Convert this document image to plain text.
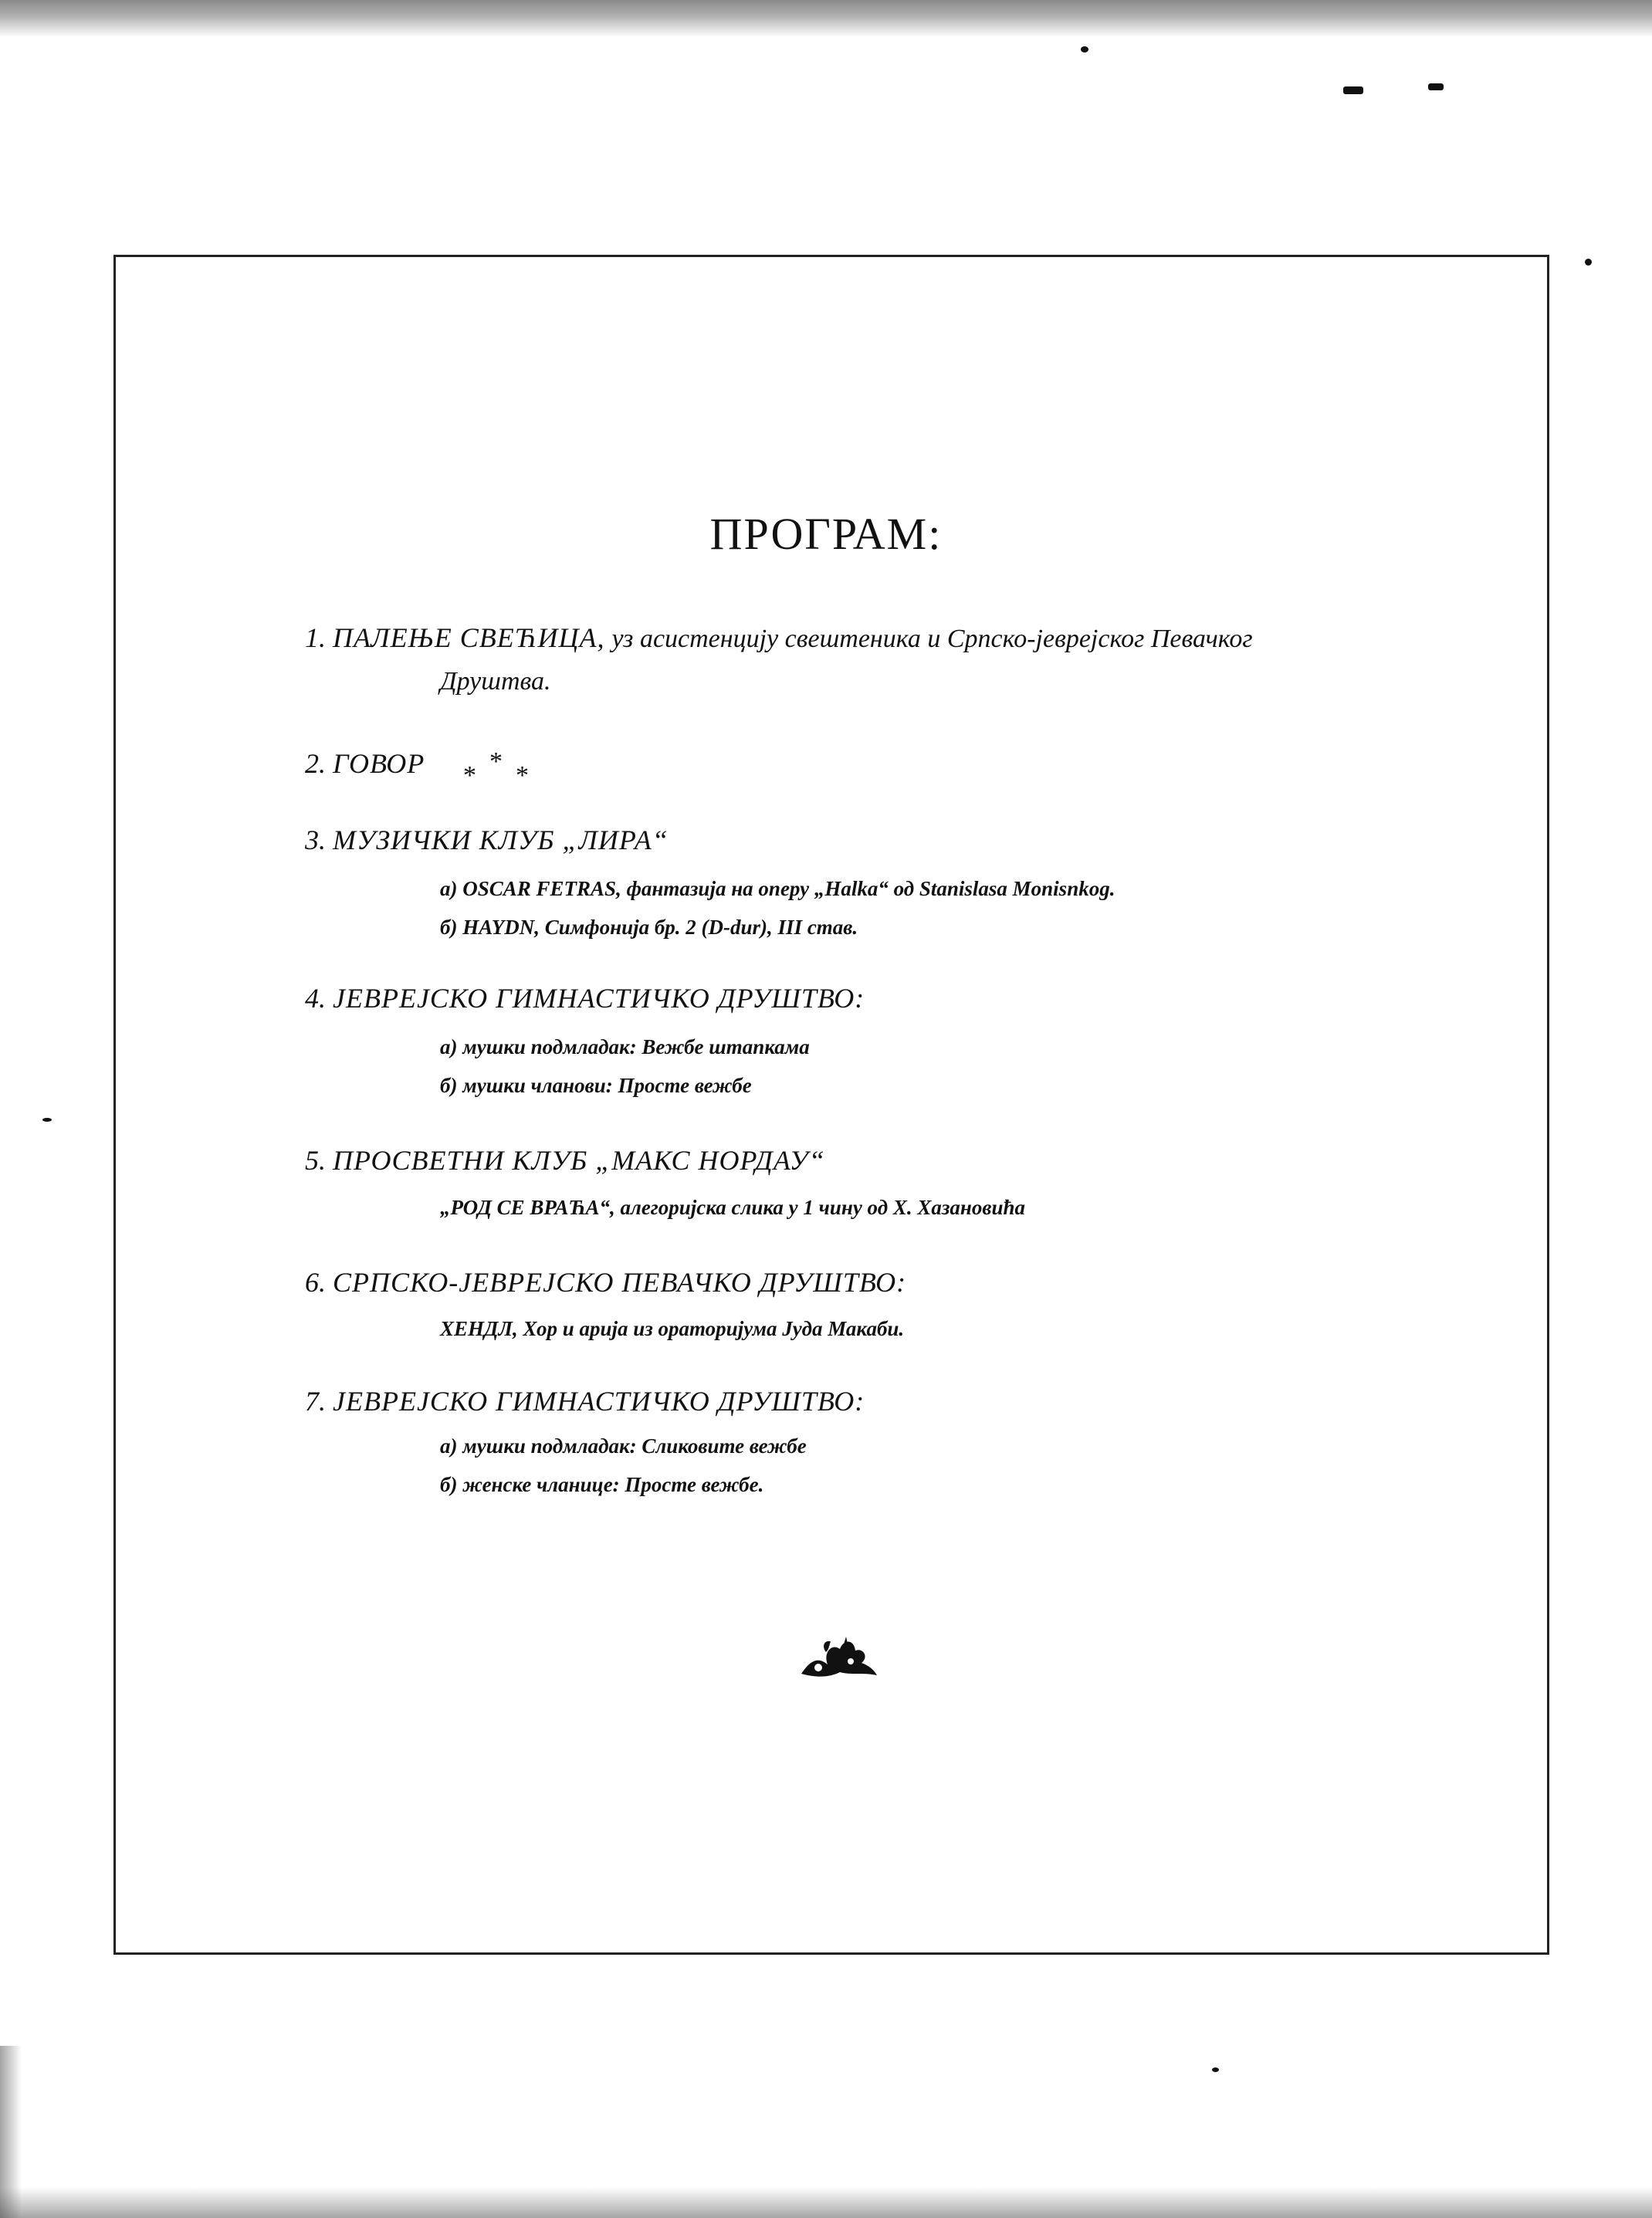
ПРОГРАМ:
1. ПАЛЕЊЕ СВЕЋИЦА, уз асистенцију свештеника и Српско-јеврејског Певачког
Друштва.
2. ГОВОР	* * *
3. МУЗИЧКИ КЛУБ „ЛИРА“
а) OSCAR FETRAS, фантазија на оперу „Halka“ од Stanislasa Monisnkog.
б) HAYDN, Симфонија бр. 2 (D-dur), III став.
4. ЈЕВРЕЈСКО ГИМНАСТИЧКО ДРУШТВО:
а) мушки подмладак: Вежбе штапкама
б) мушки чланови: Просте вежбе
5. ПРОСВЕТНИ КЛУБ „МАКС НОРДАУ“
„РОД СЕ ВРАЋА“, алегоријска слика у 1 чину од Х. Хазановића
6. СРПСКО-ЈЕВРЕЈСКО ПЕВАЧКО ДРУШТВО:
ХЕНДЛ, Хор и арија из ораторијума Јуда Макаби.
7. ЈЕВРЕЈСКО ГИМНАСТИЧКО ДРУШТВО:
а) мушки подмладак: Сликовите вежбе
б) женске чланице: Просте вежбе.
